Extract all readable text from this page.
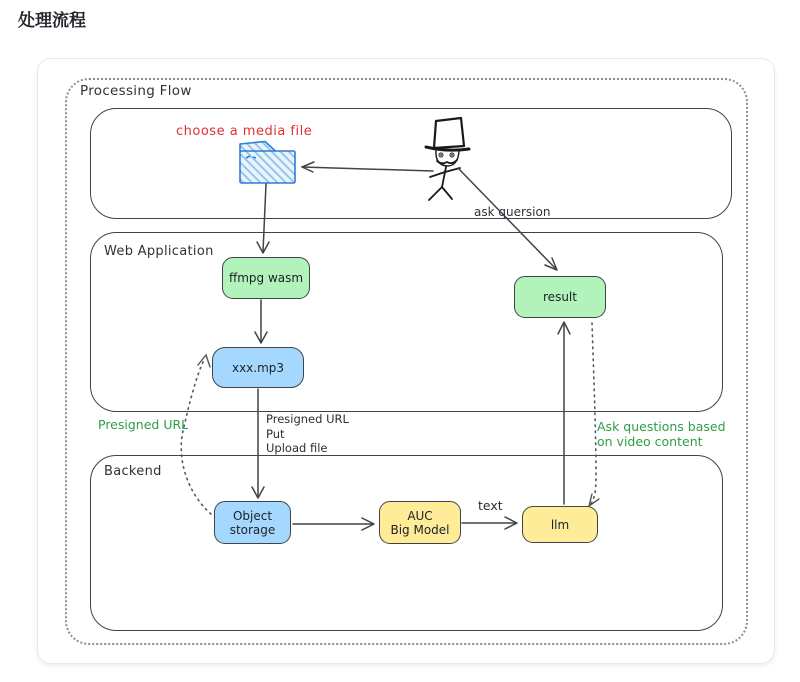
处理流程
Processing Flow
Web Application
Backend
ffmpg wasm
xxx.mp3
result
Object
storage
AUC
Big Model	llm
choose a media file
ask quersion
Presigned URL
Put
Upload file
Presigned URL
text
Ask questions based
on video content
